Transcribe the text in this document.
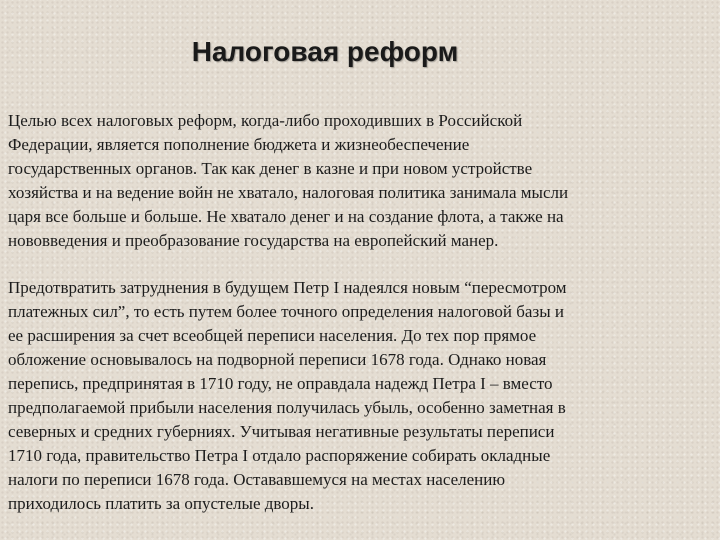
Налоговая реформ

Целью всех налоговых реформ, когда-либо проходивших в Российской
Федерации, является пополнение бюджета и жизнеобеспечение
государственных органов. Так как денег в казне и при новом устройстве
хозяйства и на ведение войн не хватало, налоговая политика занимала мысли
царя все больше и больше. Не хватало денег и на создание флота, а также на
нововведения и преобразование государства на европейский манер.

Предотвратить затруднения в будущем Петр I надеялся новым “пересмотром
платежных сил”, то есть путем более точного определения налоговой базы и
ее расширения за счет всеобщей переписи населения. До тех пор прямое
обложение основывалось на подворной переписи 1678 года. Однако новая
перепись, предпринятая в 1710 году, не оправдала надежд Петра I – вместо
предполагаемой прибыли населения получилась убыль, особенно заметная в
северных и средних губерниях. Учитывая негативные результаты переписи
1710 года, правительство Петра I отдало распоряжение собирать окладные
налоги по переписи 1678 года. Остававшемуся на местах населению
приходилось платить за опустелые дворы.
